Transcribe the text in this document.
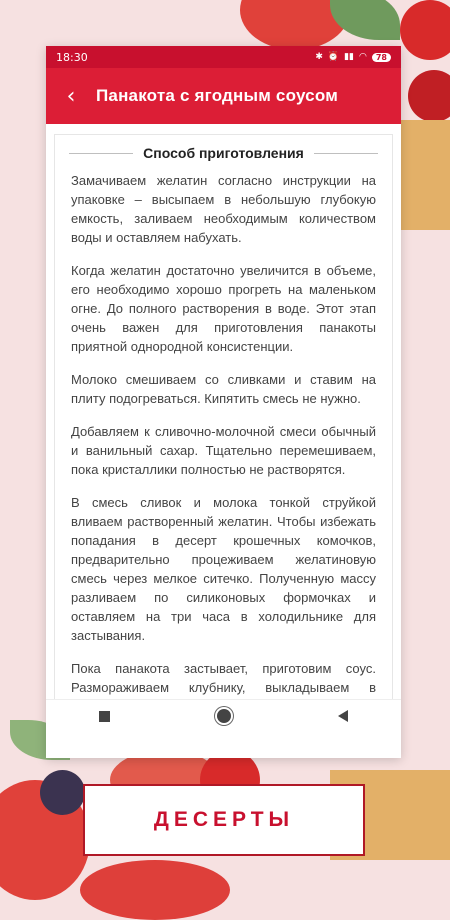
18:30	✱ ⏰ ▮▮ ◠	78
‹	Панакота с ягодным соусом
Способ приготовления

Замачиваем желатин согласно инструкции на упаковке – высыпаем в небольшую глубокую емкость, заливаем необходимым количеством воды и оставляем набухать.

Когда желатин достаточно увеличится в объеме, его необходимо хорошо прогреть на маленьком огне. До полного растворения в воде. Этот этап очень важен для приготовления панакоты приятной однородной консистенции.

Молоко смешиваем со сливками и ставим на плиту подогреваться. Кипятить смесь не нужно.

Добавляем к сливочно-молочной смеси обычный и ванильный сахар. Тщательно перемешиваем, пока кристаллики полностью не растворятся.

В смесь сливок и молока тонкой струйкой вливаем растворенный желатин. Чтобы избежать попадания в десерт крошечных комочков, предварительно процеживаем желатиновую смесь через мелкое ситечко. Полученную массу разливаем по силиконовых формочках и оставляем на три часа в холодильнике для застывания.

Пока панакота застывает, приготовим соус. Размораживаем клубнику, выкладываем в

ДЕСЕРТЫ
